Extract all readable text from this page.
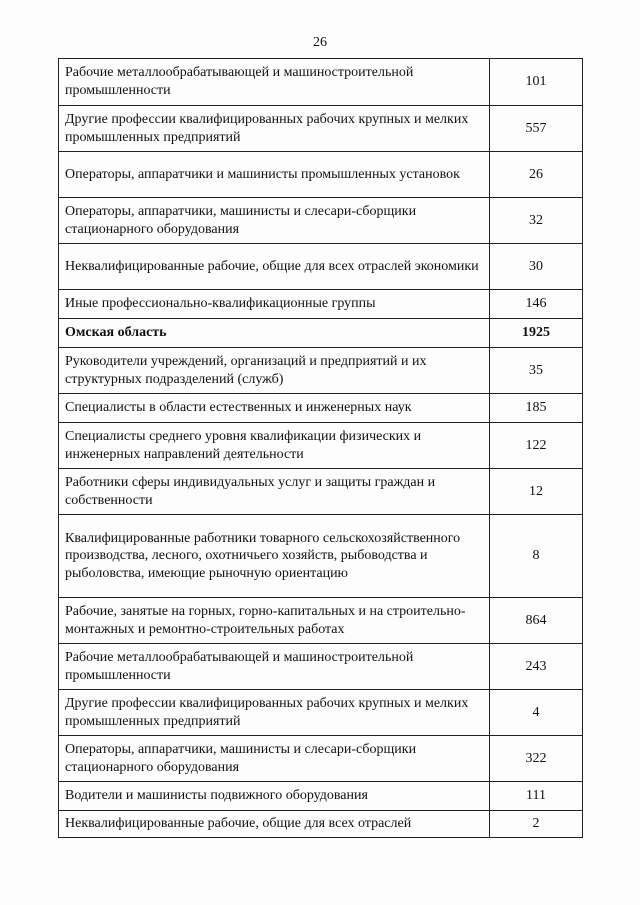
26
Рабочие металлообрабатывающей и машиностроительной промышленности	101
Другие профессии квалифицированных рабочих крупных и мелких промышленных предприятий	557
Операторы, аппаратчики и машинисты промышленных установок	26
Операторы, аппаратчики, машинисты и слесари-сборщики стационарного оборудования	32
Неквалифицированные рабочие, общие для всех отраслей экономики	30
Иные профессионально-квалификационные группы	146
Омская область	1925
Руководители учреждений, организаций и предприятий и их структурных подразделений (служб)	35
Специалисты в области естественных и инженерных наук	185
Специалисты среднего уровня квалификации физических и инженерных направлений деятельности	122
Работники сферы индивидуальных услуг и защиты граждан и собственности	12
Квалифицированные работники товарного сельскохозяйственного производства, лесного, охотничьего хозяйств, рыбоводства и рыболовства, имеющие рыночную ориентацию	8
Рабочие, занятые на горных, горно-капитальных и на строительно-монтажных и ремонтно-строительных работах	864
Рабочие металлообрабатывающей и машиностроительной промышленности	243
Другие профессии квалифицированных рабочих крупных и мелких промышленных предприятий	4
Операторы, аппаратчики, машинисты и слесари-сборщики стационарного оборудования	322
Водители и машинисты подвижного оборудования	111
Неквалифицированные рабочие, общие для всех отраслей	2
